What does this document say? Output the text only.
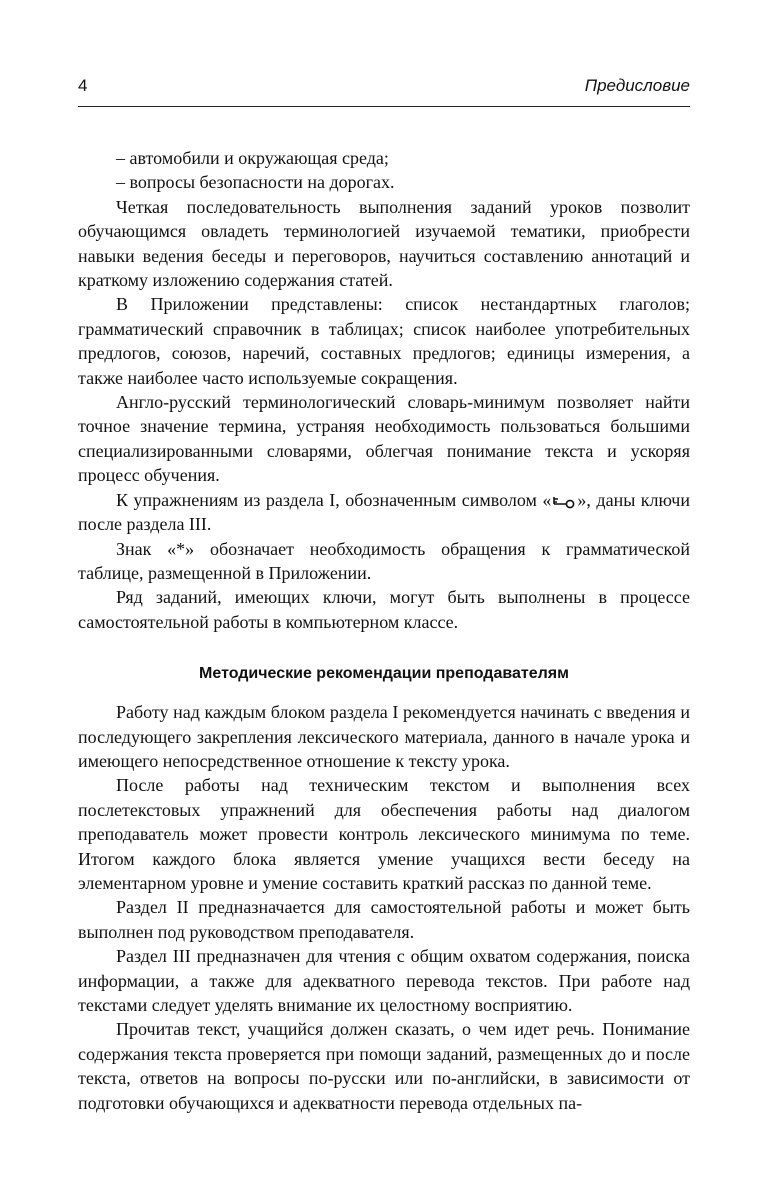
4	Предисловие

– автомобили и окружающая среда;

– вопросы безопасности на дорогах.

Четкая последовательность выполнения заданий уроков позволит обучающимся овладеть терминологией изучаемой тематики, приобрести навыки ведения беседы и переговоров, научиться составлению аннотаций и краткому изложению содержания статей.

В Приложении представлены: список нестандартных глаголов; грамматический справочник в таблицах; список наиболее употребительных предлогов, союзов, наречий, составных предлогов; единицы измерения, а также наиболее часто используемые сокращения.

Англо-русский терминологический словарь-минимум позволяет найти точное значение термина, устраняя необходимость пользоваться большими специализированными словарями, облегчая понимание текста и ускоряя процесс обучения.

К упражнениям из раздела I, обозначенным символом « », даны ключи после раздела III.

Знак «*» обозначает необходимость обращения к грамматической таблице, размещенной в Приложении.

Ряд заданий, имеющих ключи, могут быть выполнены в процессе самостоятельной работы в компьютерном классе.

Методические рекомендации преподавателям

Работу над каждым блоком раздела I рекомендуется начинать с введения и последующего закрепления лексического материала, данного в начале урока и имеющего непосредственное отношение к тексту урока.

После работы над техническим текстом и выполнения всех послетекстовых упражнений для обеспечения работы над диалогом преподаватель может провести контроль лексического минимума по теме. Итогом каждого блока является умение учащихся вести беседу на элементарном уровне и умение составить краткий рассказ по данной теме.

Раздел II предназначается для самостоятельной работы и может быть выполнен под руководством преподавателя.

Раздел III предназначен для чтения с общим охватом содержания, поиска информации, а также для адекватного перевода текстов. При работе над текстами следует уделять внимание их целостному восприятию.

Прочитав текст, учащийся должен сказать, о чем идет речь. Понимание содержания текста проверяется при помощи заданий, размещенных до и после текста, ответов на вопросы по-русски или по-английски, в зависимости от подготовки обучающихся и адекватности перевода отдельных па-
